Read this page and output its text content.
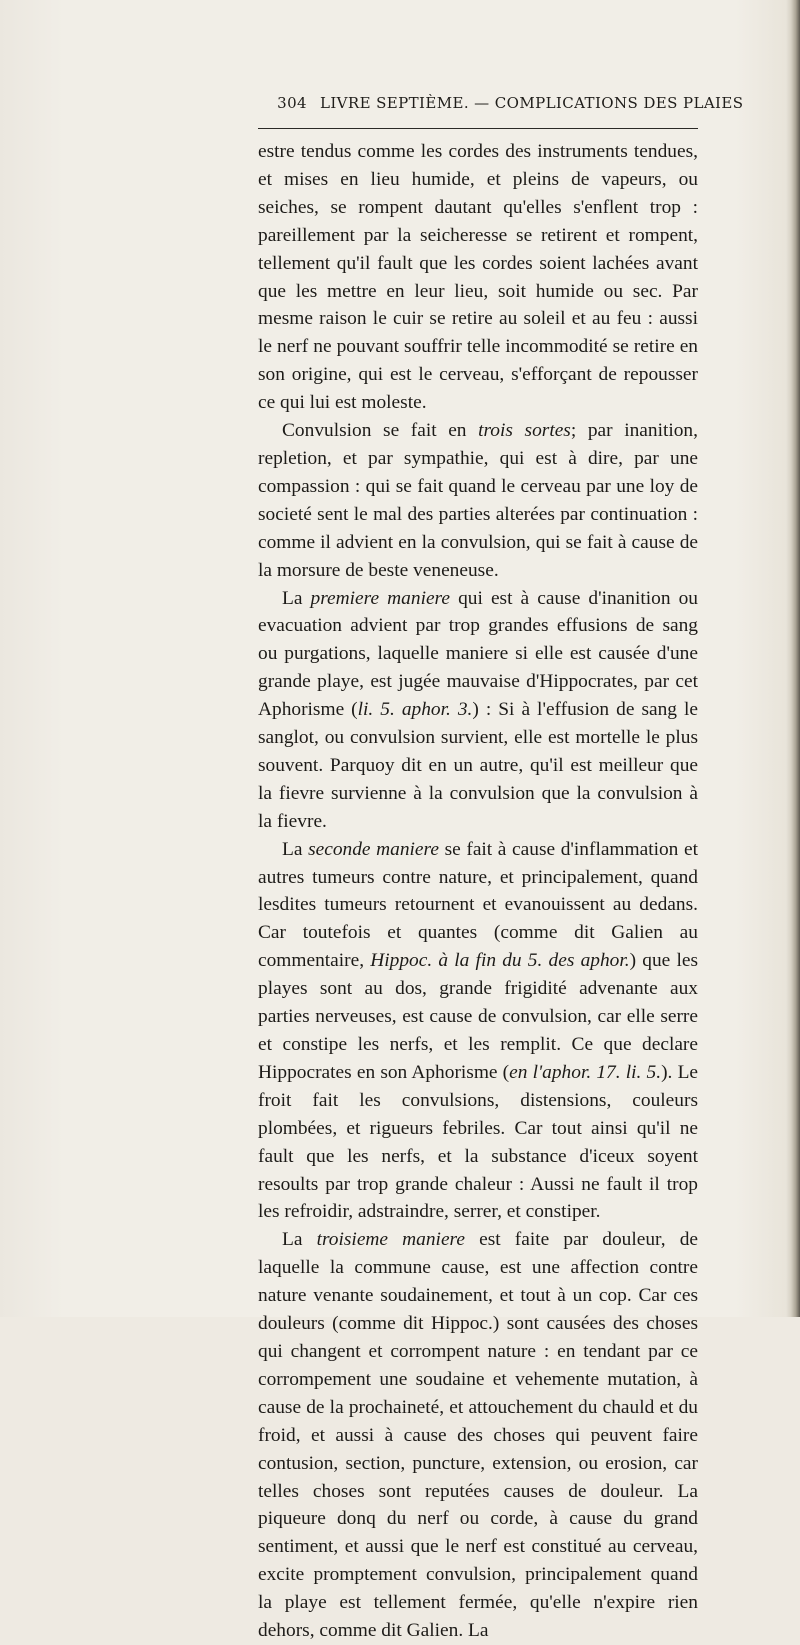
304 LIVRE SEPTIÈME. — COMPLICATIONS DES PLAIES

estre tendus comme les cordes des instruments tendues, et mises en lieu humide, et pleins de vapeurs, ou seiches, se rompent dautant qu'elles s'enflent trop : pareillement par la seicheresse se retirent et rompent, tellement qu'il fault que les cordes soient lachées avant que les mettre en leur lieu, soit humide ou sec. Par mesme raison le cuir se retire au soleil et au feu : aussi le nerf ne pouvant souffrir telle incommodité se retire en son origine, qui est le cerveau, s'efforçant de repousser ce qui lui est moleste.

Convulsion se fait en trois sortes; par inanition, repletion, et par sympathie, qui est à dire, par une compassion : qui se fait quand le cerveau par une loy de societé sent le mal des parties alterées par continuation : comme il advient en la convulsion, qui se fait à cause de la morsure de beste veneneuse.

La premiere maniere qui est à cause d'inanition ou evacuation advient par trop grandes effusions de sang ou purgations, laquelle maniere si elle est causée d'une grande playe, est jugée mauvaise d'Hippocrates, par cet Aphorisme (li. 5. aphor. 3.) : Si à l'effusion de sang le sanglot, ou convulsion survient, elle est mortelle le plus souvent. Parquoy dit en un autre, qu'il est meilleur que la fievre survienne à la convulsion que la convulsion à la fievre.

La seconde maniere se fait à cause d'inflammation et autres tumeurs contre nature, et principalement, quand lesdites tumeurs retournent et evanouissent au dedans. Car toutefois et quantes (comme dit Galien au commentaire, Hippoc. à la fin du 5. des aphor.) que les playes sont au dos, grande frigidité advenante aux parties nerveuses, est cause de convulsion, car elle serre et constipe les nerfs, et les remplit. Ce que declare Hippocrates en son Aphorisme (en l'aphor. 17. li. 5.). Le froit fait les convulsions, distensions, couleurs plombées, et rigueurs febriles. Car tout ainsi qu'il ne fault que les nerfs, et la substance d'iceux soyent resoults par trop grande chaleur : Aussi ne fault il trop les refroidir, adstraindre, serrer, et constiper.

La troisieme maniere est faite par douleur, de laquelle la commune cause, est une affection contre nature venante soudainement, et tout à un cop. Car ces douleurs (comme dit Hippoc.) sont causées des choses qui changent et corrompent nature : en tendant par ce corrompement une soudaine et vehemente mutation, à cause de la prochaineté, et attouchement du chauld et du froid, et aussi à cause des choses qui peuvent faire contusion, section, puncture, extension, ou erosion, car telles choses sont reputées causes de douleur. La piqueure donq du nerf ou corde, à cause du grand sentiment, et aussi que le nerf est constitué au cerveau, excite promptement convulsion, principalement quand la playe est tellement fermée, qu'elle n'expire rien dehors, comme dit Galien. La
